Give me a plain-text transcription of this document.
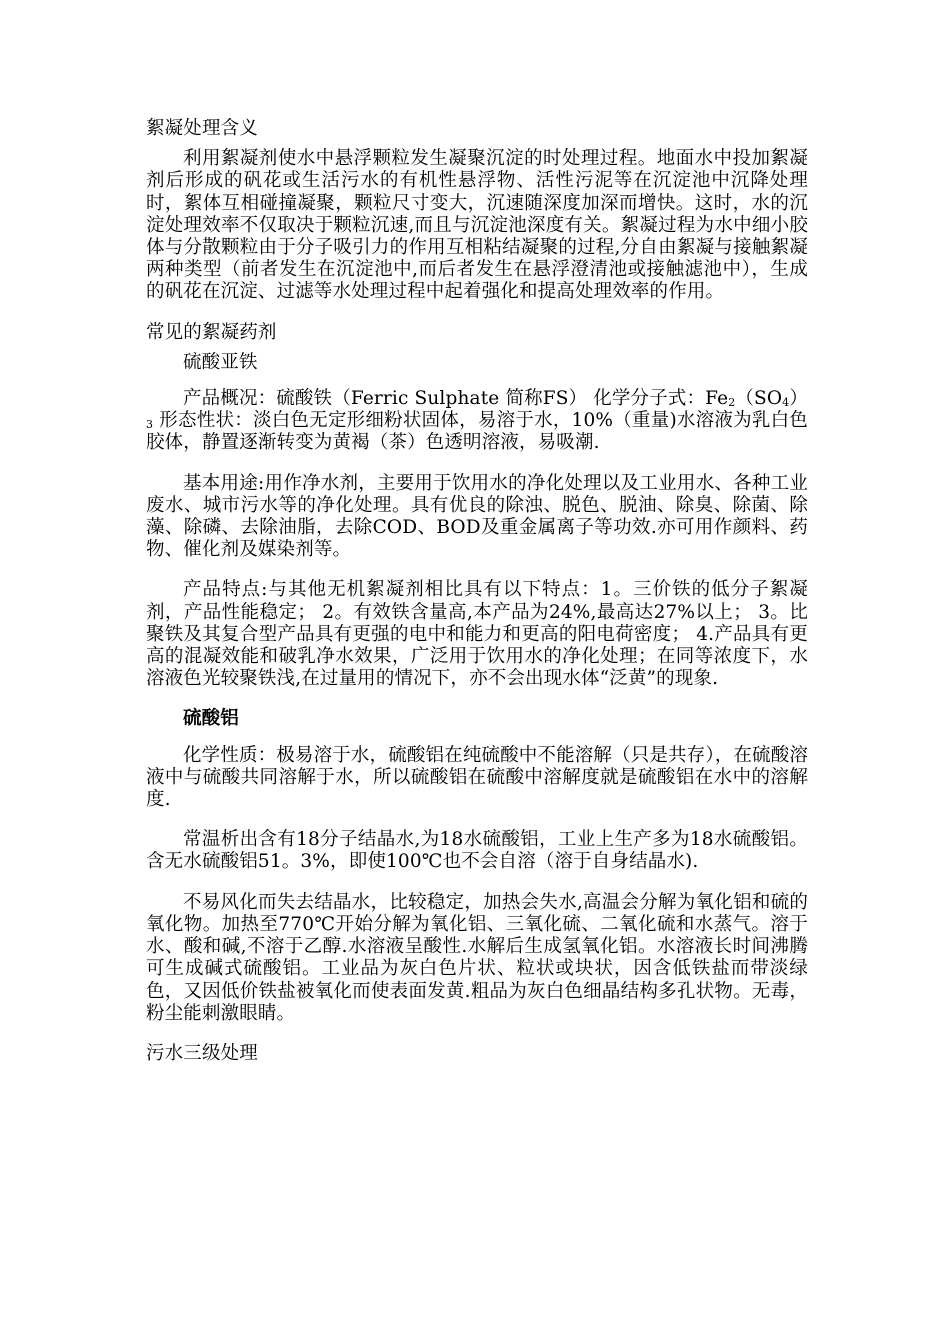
絮凝处理含义

利用絮凝剂使水中悬浮颗粒发生凝聚沉淀的时处理过程。地面水中投加絮凝剂后形成的矾花或生活污水的有机性悬浮物、活性污泥等在沉淀池中沉降处理时，絮体互相碰撞凝聚，颗粒尺寸变大，沉速随深度加深而增快。这时，水的沉淀处理效率不仅取决于颗粒沉速,而且与沉淀池深度有关。絮凝过程为水中细小胶体与分散颗粒由于分子吸引力的作用互相粘结凝聚的过程,分自由絮凝与接触絮凝两种类型（前者发生在沉淀池中,而后者发生在悬浮澄清池或接触滤池中），生成的矾花在沉淀、过滤等水处理过程中起着强化和提高处理效率的作用。

常见的絮凝药剂
硫酸亚铁

产品概况：硫酸铁（Ferric Sulphate 简称FS） 化学分子式：$Fe_2(SO_4)_3$ 形态性状：淡白色无定形细粉状固体，易溶于水，10%（重量)水溶液为乳白色胶体，静置逐渐转变为黄褐（茶）色透明溶液，易吸潮.

基本用途:用作净水剂，主要用于饮用水的净化处理以及工业用水、各种工业废水、城市污水等的净化处理。具有优良的除浊、脱色、脱油、除臭、除菌、除藻、除磷、去除油脂，去除COD、BOD及重金属离子等功效.亦可用作颜料、药物、催化剂及媒染剂等。

产品特点:与其他无机絮凝剂相比具有以下特点：1。三价铁的低分子絮凝剂，产品性能稳定； 2。有效铁含量高,本产品为24%,最高达27%以上； 3。比聚铁及其复合型产品具有更强的电中和能力和更高的阳电荷密度； 4.产品具有更高的混凝效能和破乳净水效果，广泛用于饮用水的净化处理；在同等浓度下，水溶液色光较聚铁浅,在过量用的情况下，亦不会出现水体“泛黄”的现象.

硫酸铝

化学性质：极易溶于水，硫酸铝在纯硫酸中不能溶解（只是共存），在硫酸溶液中与硫酸共同溶解于水，所以硫酸铝在硫酸中溶解度就是硫酸铝在水中的溶解度.

常温析出含有18分子结晶水,为18水硫酸铝，工业上生产多为18水硫酸铝。含无水硫酸铝51。3%，即使100℃也不会自溶（溶于自身结晶水).

不易风化而失去结晶水，比较稳定，加热会失水,高温会分解为氧化铝和硫的氧化物。加热至770℃开始分解为氧化铝、三氧化硫、二氧化硫和水蒸气。溶于水、酸和碱,不溶于乙醇.水溶液呈酸性.水解后生成氢氧化铝。水溶液长时间沸腾可生成碱式硫酸铝。工业品为灰白色片状、粒状或块状，因含低铁盐而带淡绿色，又因低价铁盐被氧化而使表面发黄.粗品为灰白色细晶结构多孔状物。无毒，粉尘能刺激眼睛。

污水三级处理
